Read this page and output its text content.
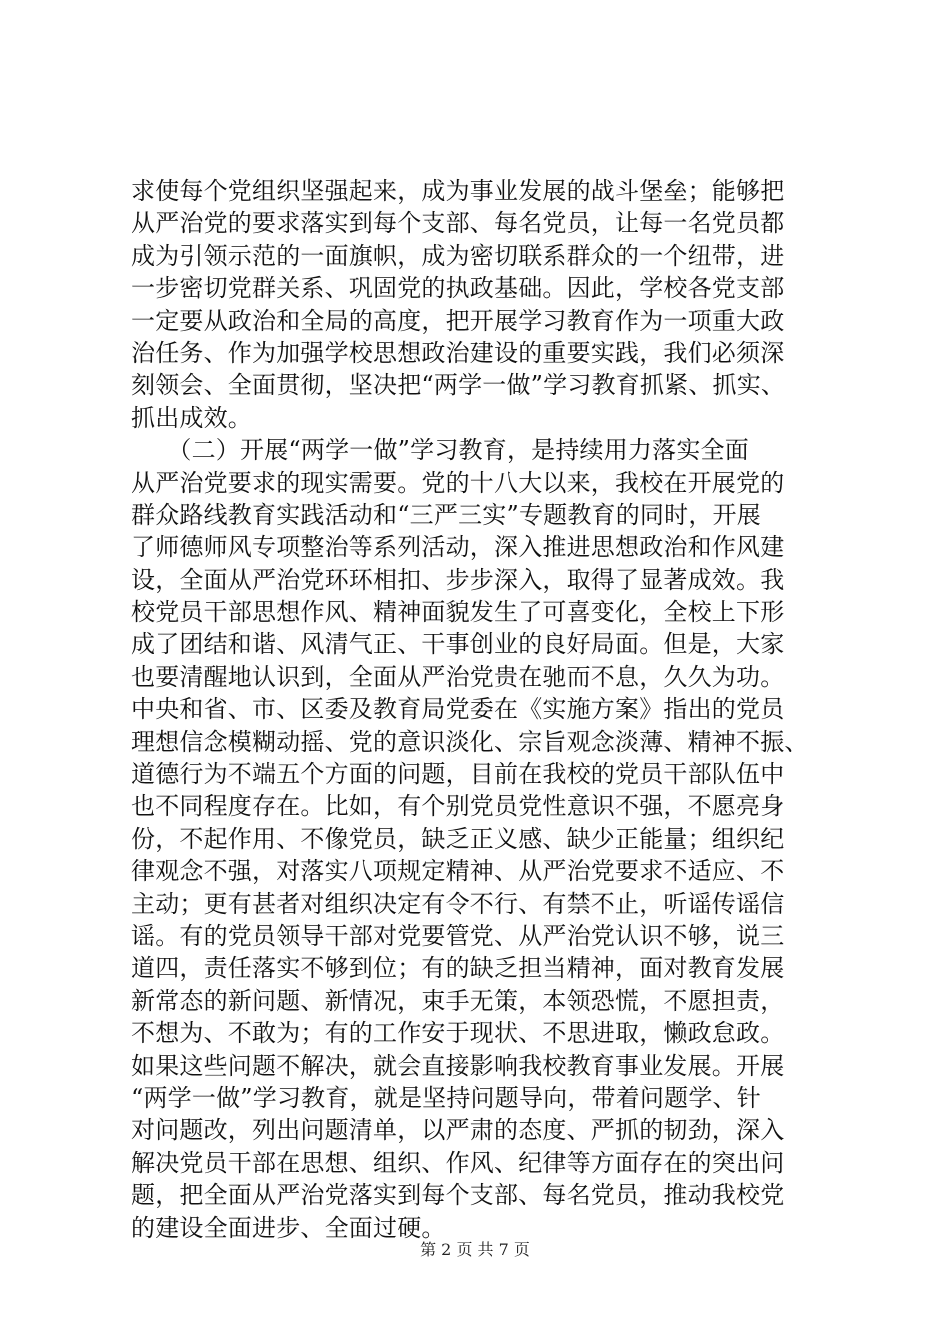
求使每个党组织坚强起来，成为事业发展的战斗堡垒；能够把
从严治党的要求落实到每个支部、每名党员，让每一名党员都
成为引领示范的一面旗帜，成为密切联系群众的一个纽带，进
一步密切党群关系、巩固党的执政基础。因此，学校各党支部
一定要从政治和全局的高度，把开展学习教育作为一项重大政
治任务、作为加强学校思想政治建设的重要实践，我们必须深
刻领会、全面贯彻，坚决把“两学一做”学习教育抓紧、抓实、
抓出成效。
　　（二）开展“两学一做”学习教育，是持续用力落实全面
从严治党要求的现实需要。党的十八大以来，我校在开展党的
群众路线教育实践活动和“三严三实”专题教育的同时，开展
了师德师风专项整治等系列活动，深入推进思想政治和作风建
设，全面从严治党环环相扣、步步深入，取得了显著成效。我
校党员干部思想作风、精神面貌发生了可喜变化，全校上下形
成了团结和谐、风清气正、干事创业的良好局面。但是，大家
也要清醒地认识到，全面从严治党贵在驰而不息，久久为功。
中央和省、市、区委及教育局党委在《实施方案》指出的党员
理想信念模糊动摇、党的意识淡化、宗旨观念淡薄、精神不振、
道德行为不端五个方面的问题，目前在我校的党员干部队伍中
也不同程度存在。比如，有个别党员党性意识不强，不愿亮身
份，不起作用、不像党员，缺乏正义感、缺少正能量；组织纪
律观念不强，对落实八项规定精神、从严治党要求不适应、不
主动；更有甚者对组织决定有令不行、有禁不止，听谣传谣信
谣。有的党员领导干部对党要管党、从严治党认识不够，说三
道四，责任落实不够到位；有的缺乏担当精神，面对教育发展
新常态的新问题、新情况，束手无策，本领恐慌，不愿担责，
不想为、不敢为；有的工作安于现状、不思进取，懒政怠政。
如果这些问题不解决，就会直接影响我校教育事业发展。开展
“两学一做”学习教育，就是坚持问题导向，带着问题学、针
对问题改，列出问题清单，以严肃的态度、严抓的韧劲，深入
解决党员干部在思想、组织、作风、纪律等方面存在的突出问
题，把全面从严治党落实到每个支部、每名党员，推动我校党
的建设全面进步、全面过硬。
第 2 页 共 7 页
